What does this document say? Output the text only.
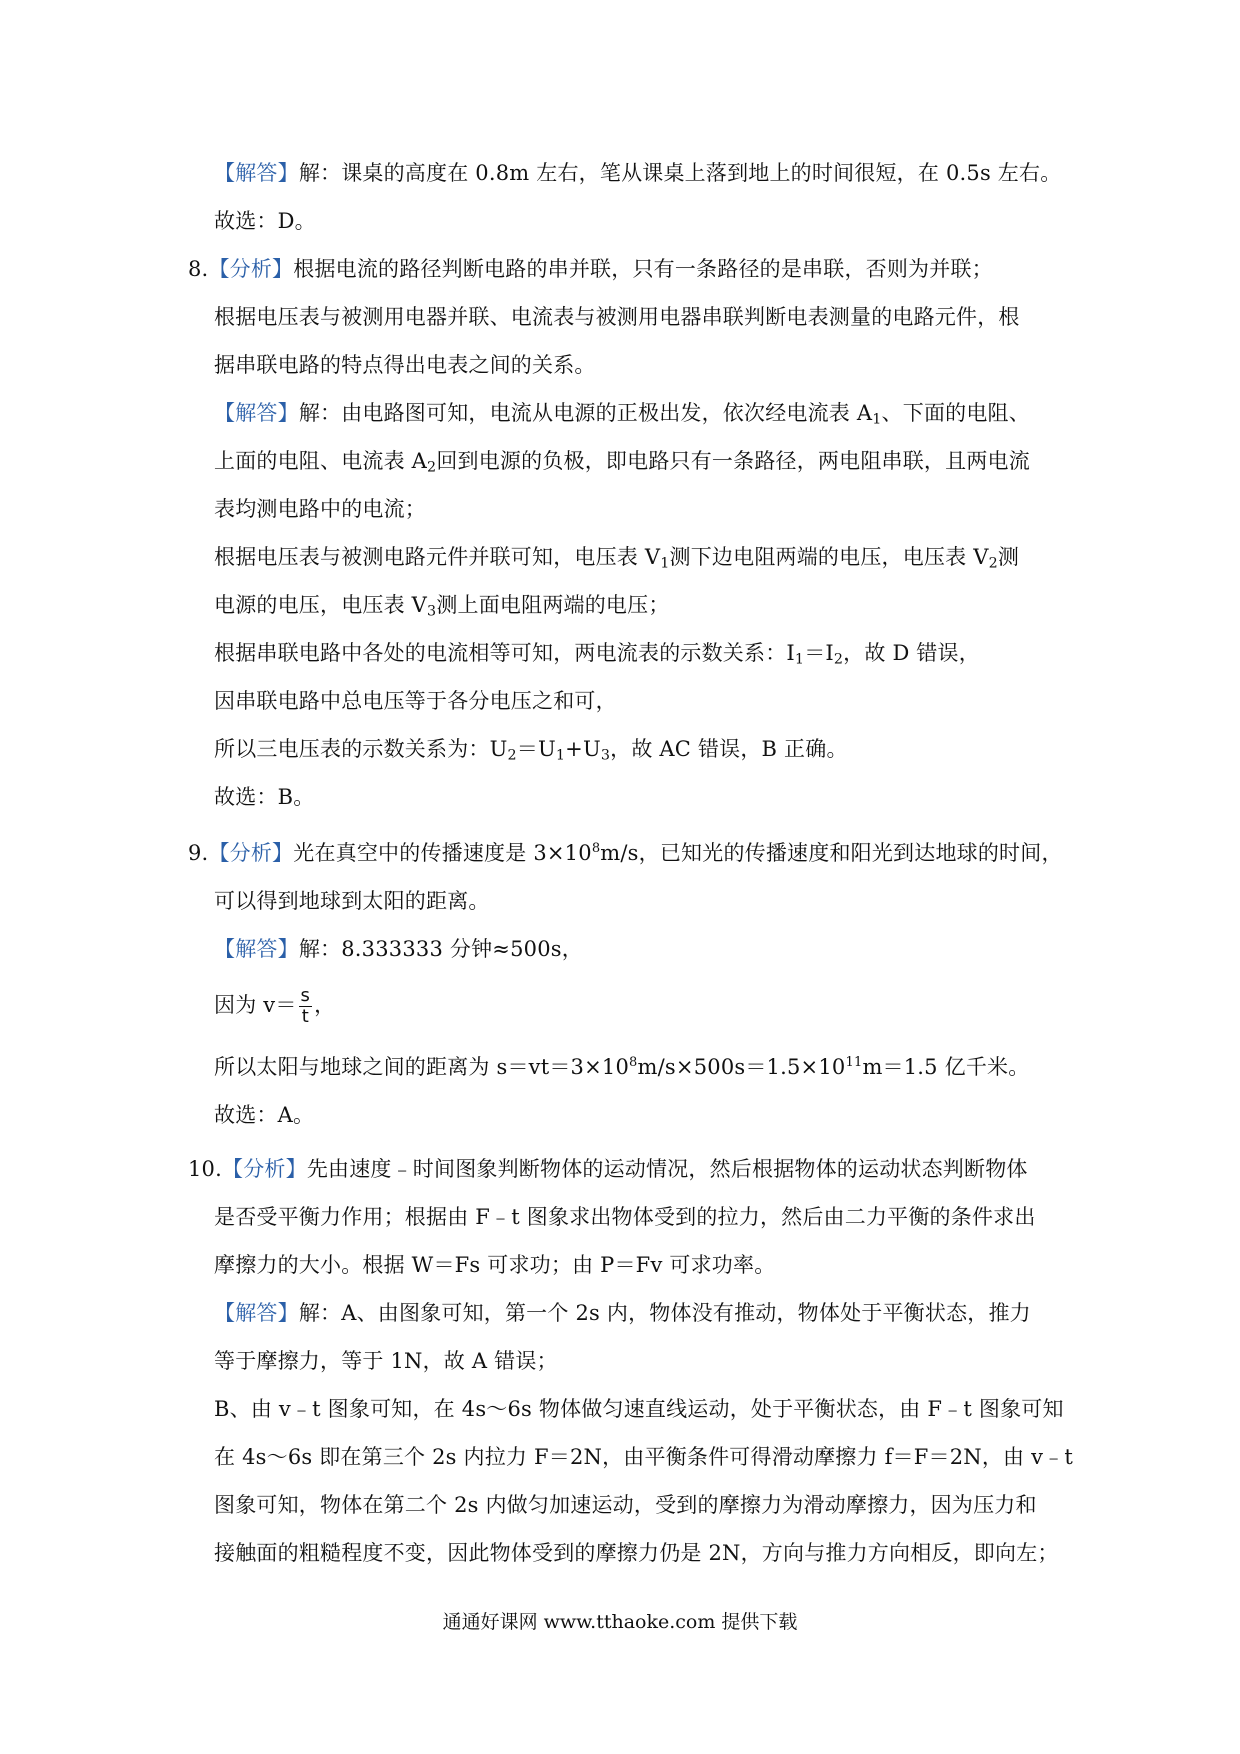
【解答】解：课桌的高度在 0.8m 左右，笔从课桌上落到地上的时间很短，在 0.5s 左右。
故选：D。
8.【分析】根据电流的路径判断电路的串并联，只有一条路径的是串联，否则为并联；
根据电压表与被测用电器并联、电流表与被测用电器串联判断电表测量的电路元件，根
据串联电路的特点得出电表之间的关系。
【解答】解：由电路图可知，电流从电源的正极出发，依次经电流表 $A_1$、下面的电阻、
上面的电阻、电流表 $A_2$回到电源的负极，即电路只有一条路径，两电阻串联，且两电流
表均测电路中的电流；
根据电压表与被测电路元件并联可知，电压表 $V_1$测下边电阻两端的电压，电压表 $V_2$测
电源的电压，电压表 $V_3$测上面电阻两端的电压；
根据串联电路中各处的电流相等可知，两电流表的示数关系：$I_1=I_2$，故 D 错误，
因串联电路中总电压等于各分电压之和可，
所以三电压表的示数关系为：$U_2=U_1+U_3$，故 AC 错误，B 正确。
故选：B。
9.【分析】光在真空中的传播速度是 $3\times 10^8m/s$，已知光的传播速度和阳光到达地球的时间，
可以得到地球到太阳的距离。
【解答】解：8.333333 分钟≈500s，
因为 $v= \frac{s}{t}$ ，
所以太阳与地球之间的距离为 $s=vt=3\times 10^8m/s\times 500s=1.5\times 10^{11}m=1.5$ 亿千米。
故选：A。
10.【分析】先由速度﹣时间图象判断物体的运动情况，然后根据物体的运动状态判断物体
是否受平衡力作用；根据由 F﹣t 图象求出物体受到的拉力，然后由二力平衡的条件求出
摩擦力的大小。根据 W＝Fs 可求功；由 P＝Fv 可求功率。
【解答】解：A、由图象可知，第一个 2s 内，物体没有推动，物体处于平衡状态，推力
等于摩擦力，等于 1N，故 A 错误；
B、由 v﹣t 图象可知，在 4s～6s 物体做匀速直线运动，处于平衡状态，由 F﹣t 图象可知
在 4s～6s 即在第三个 2s 内拉力 F＝2N，由平衡条件可得滑动摩擦力 f＝F＝2N，由 v﹣t
图象可知，物体在第二个 2s 内做匀加速运动，受到的摩擦力为滑动摩擦力，因为压力和
接触面的粗糙程度不变，因此物体受到的摩擦力仍是 2N，方向与推力方向相反，即向左；
通通好课网 www.tthaoke.com 提供下载
